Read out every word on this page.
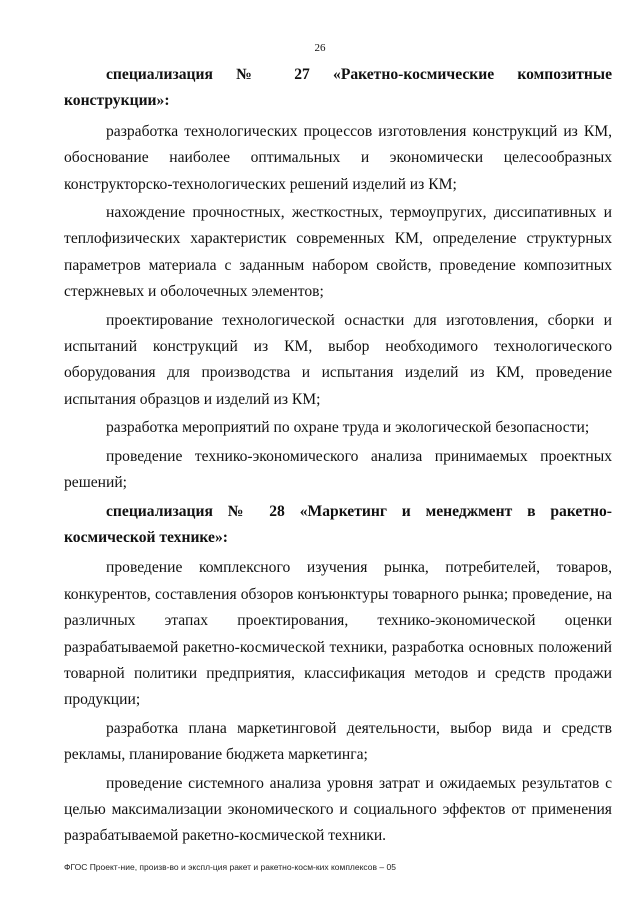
26

специализация № 27 «Ракетно-космические композитные конструкции»:

разработка технологических процессов изготовления конструкций из КМ, обоснование наиболее оптимальных и экономически целесообразных конструкторско-технологических решений изделий из КМ;

нахождение прочностных, жесткостных, термоупругих, диссипативных и теплофизических характеристик современных КМ, определение структурных параметров материала с заданным набором свойств, проведение композитных стержневых и оболочечных элементов;

проектирование технологической оснастки для изготовления, сборки и испытаний конструкций из КМ, выбор необходимого технологического оборудования для производства и испытания изделий из КМ, проведение испытания образцов и изделий из КМ;

разработка мероприятий по охране труда и экологической безопасности;

проведение технико-экономического анализа принимаемых проектных решений;

специализация № 28 «Маркетинг и менеджмент в ракетно-космической технике»:

проведение комплексного изучения рынка, потребителей, товаров, конкурентов, составления обзоров конъюнктуры товарного рынка; проведение, на различных этапах проектирования, технико-экономической оценки разрабатываемой ракетно-космической техники, разработка основных положений товарной политики предприятия, классификация методов и средств продажи продукции;

разработка плана маркетинговой деятельности, выбор вида и средств рекламы, планирование бюджета маркетинга;

проведение системного анализа уровня затрат и ожидаемых результатов с целью максимализации экономического и социального эффектов от применения разрабатываемой ракетно-космической техники.

ФГОС Проект-ние, произв-во и экспл-ция ракет и ракетно-косм-ких комплексов – 05
